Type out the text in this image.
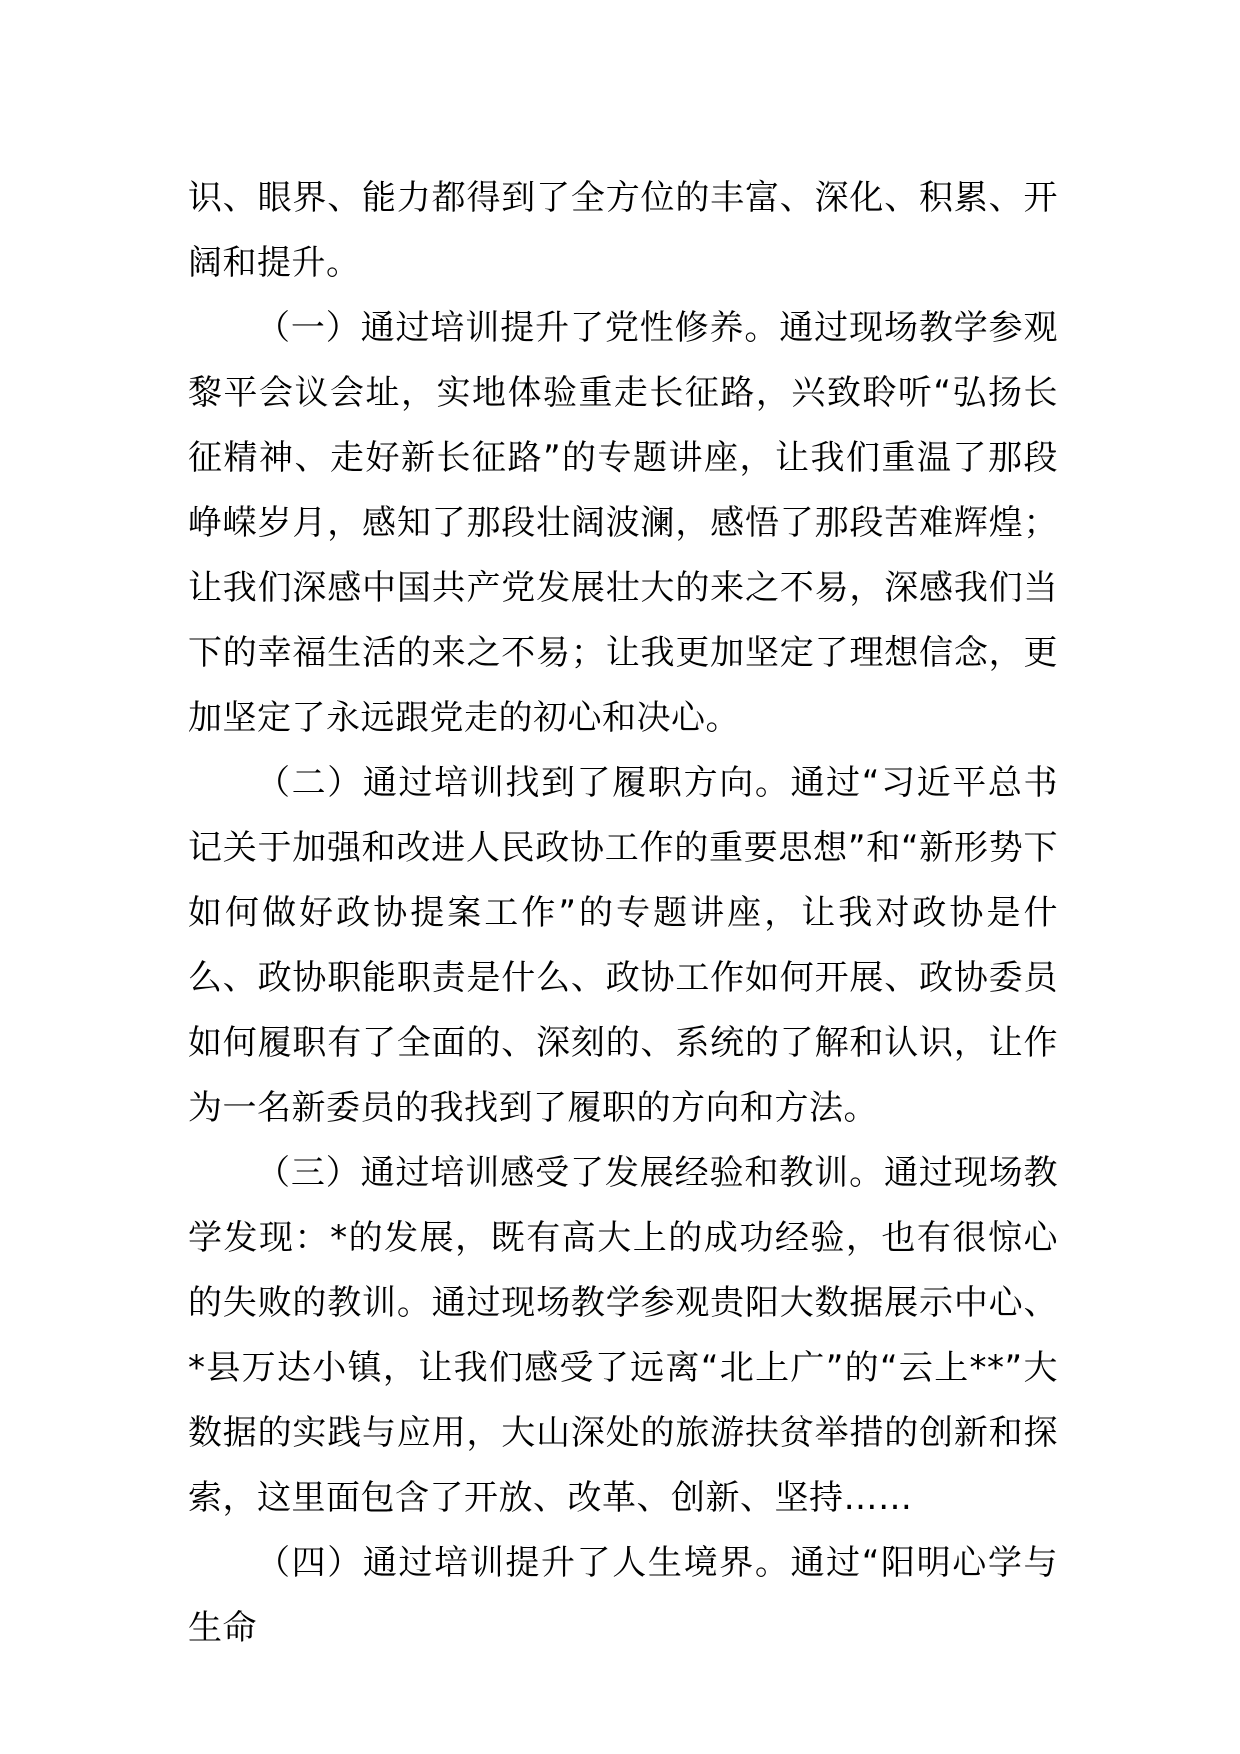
识、眼界、能力都得到了全方位的丰富、深化、积累、开阔和提升。

（一）通过培训提升了党性修养。通过现场教学参观黎平会议会址，实地体验重走长征路，兴致聆听“弘扬长征精神、走好新长征路”的专题讲座，让我们重温了那段峥嵘岁月，感知了那段壮阔波澜，感悟了那段苦难辉煌；让我们深感中国共产党发展壮大的来之不易，深感我们当下的幸福生活的来之不易；让我更加坚定了理想信念，更加坚定了永远跟党走的初心和决心。

（二）通过培训找到了履职方向。通过“习近平总书记关于加强和改进人民政协工作的重要思想”和“新形势下如何做好政协提案工作”的专题讲座，让我对政协是什么、政协职能职责是什么、政协工作如何开展、政协委员如何履职有了全面的、深刻的、系统的了解和认识，让作为一名新委员的我找到了履职的方向和方法。

（三）通过培训感受了发展经验和教训。通过现场教学发现：*的发展，既有高大上的成功经验，也有很惊心的失败的教训。通过现场教学参观贵阳大数据展示中心、*县万达小镇，让我们感受了远离“北上广”的“云上**”大数据的实践与应用，大山深处的旅游扶贫举措的创新和探索，这里面包含了开放、改革、创新、坚持……

（四）通过培训提升了人生境界。通过“阳明心学与生命
